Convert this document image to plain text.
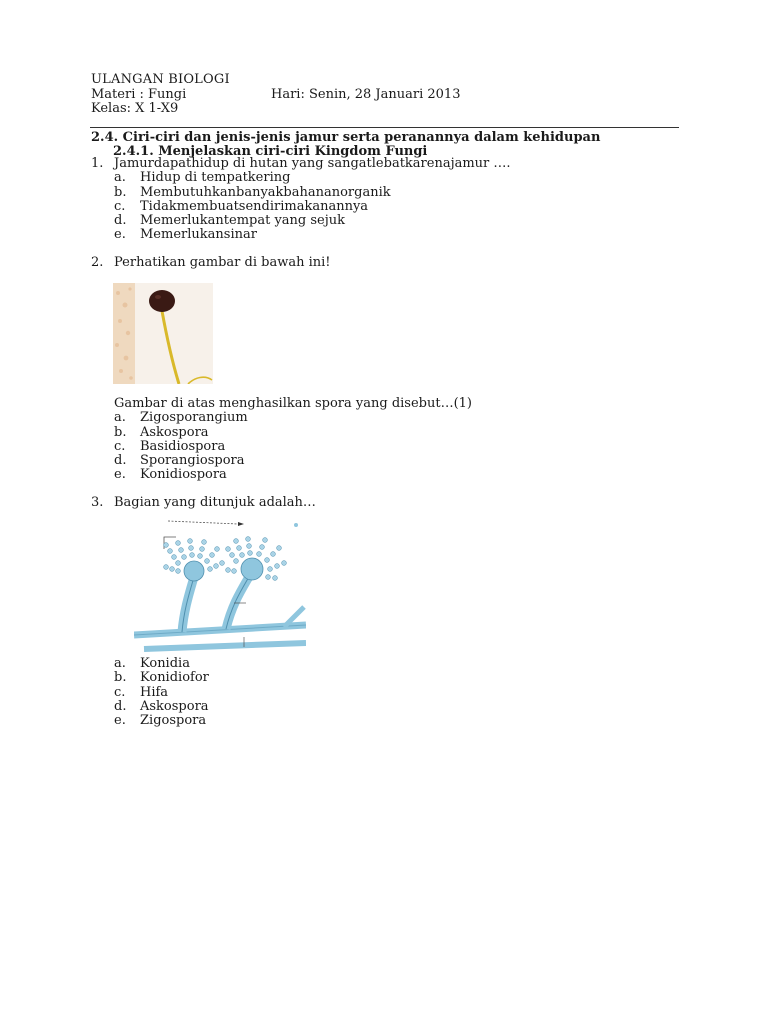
ULANGAN BIOLOGI
Materi : Fungi	Hari: Senin, 28 Januari 2013
Kelas: X 1-X9
2.4. Ciri-ciri dan jenis-jenis jamur serta peranannya dalam kehidupan
2.4.1. Menjelaskan ciri-ciri Kingdom Fungi
1. Jamurdapathidup di hutan yang sangatlebatkarenajamur ….
a. Hidup di tempatkering
b. Membutuhkanbanyakbahananorganik
c. Tidakmembuatsendirimakanannya
d. Memerlukantempat yang sejuk
e. Memerlukansinar
2. Perhatikan gambar di bawah ini!
Gambar di atas menghasilkan spora yang disebut…(1)
a. Zigosporangium
b. Askospora
c. Basidiospora
d. Sporangiospora
e. Konidiospora
3. Bagian yang ditunjuk adalah…
a. Konidia
b. Konidiofor
c. Hifa
d. Askospora
e. Zigospora
